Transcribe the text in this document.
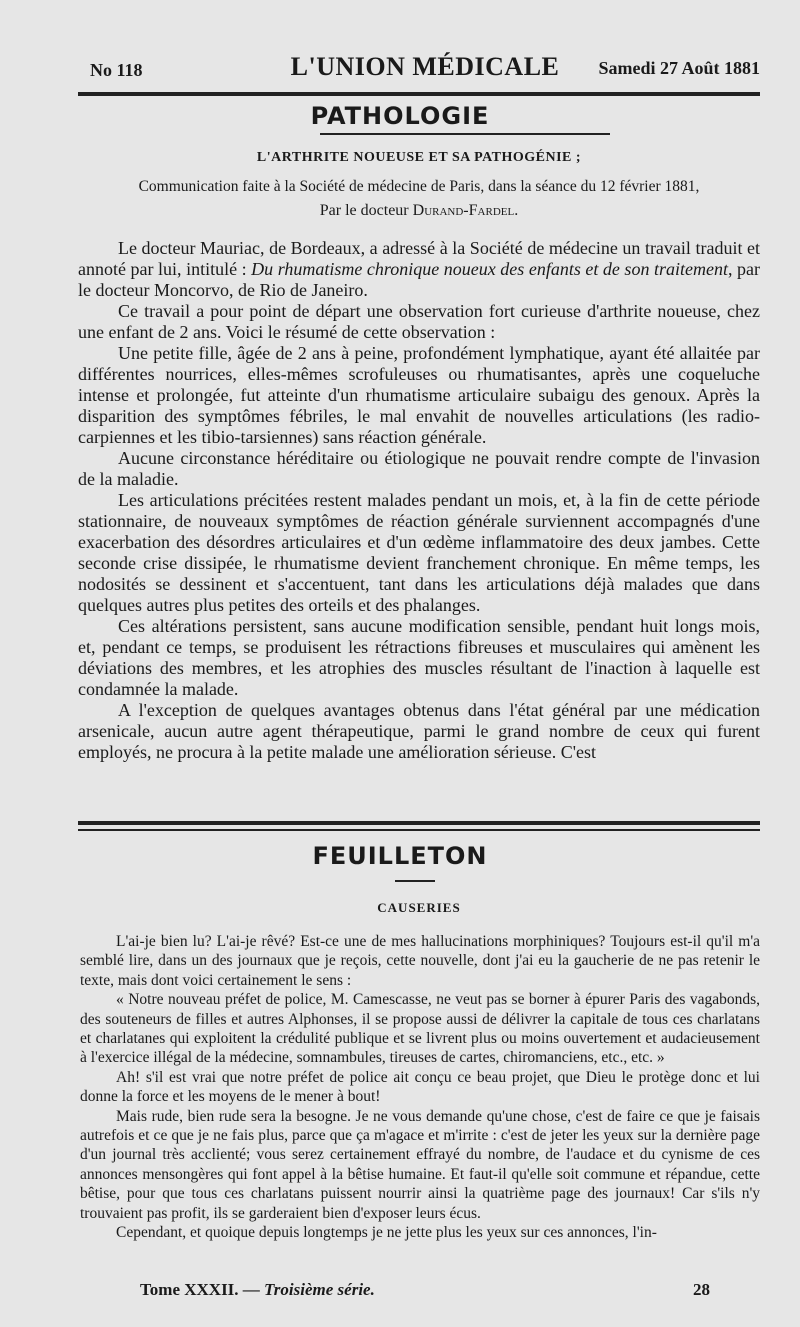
No 118	L'UNION MÉDICALE	Samedi 27 Août 1881
PATHOLOGIE
L'ARTHRITE NOUEUSE ET SA PATHOGÉNIE ;
Communication faite à la Société de médecine de Paris, dans la séance du 12 février 1881,
Par le docteur Durand-Fardel.

Le docteur Mauriac, de Bordeaux, a adressé à la Société de médecine un travail traduit et annoté par lui, intitulé : Du rhumatisme chronique noueux des enfants et de son traitement, par le docteur Moncorvo, de Rio de Janeiro.

Ce travail a pour point de départ une observation fort curieuse d'arthrite noueuse, chez une enfant de 2 ans. Voici le résumé de cette observation :

Une petite fille, âgée de 2 ans à peine, profondément lymphatique, ayant été allaitée par différentes nourrices, elles-mêmes scrofuleuses ou rhumatisantes, après une coqueluche intense et prolongée, fut atteinte d'un rhumatisme articulaire subaigu des genoux. Après la disparition des symptômes fébriles, le mal envahit de nouvelles articulations (les radio-carpiennes et les tibio-tarsiennes) sans réaction générale.

Aucune circonstance héréditaire ou étiologique ne pouvait rendre compte de l'invasion de la maladie.

Les articulations précitées restent malades pendant un mois, et, à la fin de cette période stationnaire, de nouveaux symptômes de réaction générale surviennent accompagnés d'une exacerbation des désordres articulaires et d'un œdème inflammatoire des deux jambes. Cette seconde crise dissipée, le rhumatisme devient franchement chronique. En même temps, les nodosités se dessinent et s'accentuent, tant dans les articulations déjà malades que dans quelques autres plus petites des orteils et des phalanges.

Ces altérations persistent, sans aucune modification sensible, pendant huit longs mois, et, pendant ce temps, se produisent les rétractions fibreuses et musculaires qui amènent les déviations des membres, et les atrophies des muscles résultant de l'inaction à laquelle est condamnée la malade.

A l'exception de quelques avantages obtenus dans l'état général par une médication arsenicale, aucun autre agent thérapeutique, parmi le grand nombre de ceux qui furent employés, ne procura à la petite malade une amélioration sérieuse. C'est

FEUILLETON
CAUSERIES

L'ai-je bien lu? L'ai-je rêvé? Est-ce une de mes hallucinations morphiniques? Toujours est-il qu'il m'a semblé lire, dans un des journaux que je reçois, cette nouvelle, dont j'ai eu la gaucherie de ne pas retenir le texte, mais dont voici certainement le sens :

« Notre nouveau préfet de police, M. Camescasse, ne veut pas se borner à épurer Paris des vagabonds, des souteneurs de filles et autres Alphonses, il se propose aussi de délivrer la capitale de tous ces charlatans et charlatanes qui exploitent la crédulité publique et se livrent plus ou moins ouvertement et audacieusement à l'exercice illégal de la médecine, somnambules, tireuses de cartes, chiromanciens, etc., etc. »

Ah! s'il est vrai que notre préfet de police ait conçu ce beau projet, que Dieu le protège donc et lui donne la force et les moyens de le mener à bout!

Mais rude, bien rude sera la besogne. Je ne vous demande qu'une chose, c'est de faire ce que je faisais autrefois et ce que je ne fais plus, parce que ça m'agace et m'irrite : c'est de jeter les yeux sur la dernière page d'un journal très acclienté; vous serez certainement effrayé du nombre, de l'audace et du cynisme de ces annonces mensongères qui font appel à la bêtise humaine. Et faut-il qu'elle soit commune et répandue, cette bêtise, pour que tous ces charlatans puissent nourrir ainsi la quatrième page des journaux! Car s'ils n'y trouvaient pas profit, ils se garderaient bien d'exposer leurs écus.

Cependant, et quoique depuis longtemps je ne jette plus les yeux sur ces annonces, l'in-

Tome XXXII. — Troisième série.	28
